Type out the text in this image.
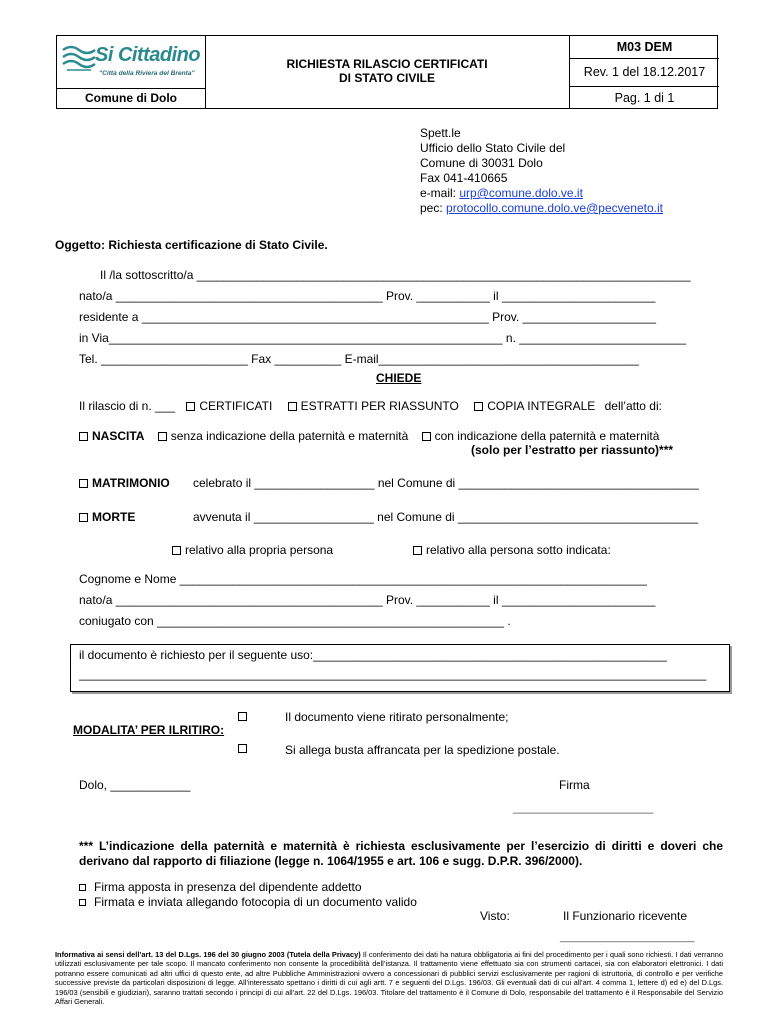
Si Cittadino
"Città della Riviera del Brenta"
Comune di Dolo
RICHIESTA RILASCIO CERTIFICATI
DI STATO CIVILE
M03 DEM
Rev. 1 del 18.12.2017
Pag. 1 di 1
Spett.le
Ufficio dello Stato Civile del
Comune di 30031 Dolo
Fax 041-410665
e-mail: urp@comune.dolo.ve.it
pec: protocollo.comune.dolo.ve@pecveneto.it
Oggetto: Richiesta certificazione di Stato Civile.
Il /la sottoscritto/a __________________________________________________________________________
nato/a ________________________________________ Prov. ___________ il _______________________
residente a ____________________________________________________ Prov. ____________________
in Via___________________________________________________________ n. _________________________
Tel. ______________________ Fax __________ E-mail_______________________________________
CHIEDE
Il rilascio di n. ___ CERTIFICATI ESTRATTI PER RIASSUNTO COPIA INTEGRALE dell’atto di:
NASCITA senza indicazione della paternità e maternità con indicazione della paternità e maternità
(solo per l’estratto per riassunto)***
MATRIMONIO celebrato il __________________ nel Comune di ____________________________________
MORTE	avvenuta il __________________ nel Comune di ____________________________________
relativo alla propria persona	relativo alla persona sotto indicata:
Cognome e Nome ______________________________________________________________________
nato/a ________________________________________ Prov. ___________ il _______________________
coniugato con ____________________________________________________ .
il documento è richiesto per il seguente uso:_____________________________________________________
______________________________________________________________________________________________
MODALITA’ PER ILRITIRO:
Il documento viene ritirato personalmente;
Si allega busta affrancata per la spedizione postale.
Dolo, ____________	Firma
_____________________
*** L’indicazione della paternità e maternità è richiesta esclusivamente per l’esercizio di diritti e doveri che derivano dal rapporto di filiazione (legge n. 1064/1955 e art. 106 e sugg. D.P.R. 396/2000).
Firma apposta in presenza del dipendente addetto
Firmata e inviata allegando fotocopia di un documento valido
Visto:	Il Funzionario ricevente
______________________
Informativa ai sensi dell’art. 13 del D.Lgs. 196 del 30 giugno 2003 (Tutela della Privacy) Il conferimento dei dati ha natura obbligatoria ai fini del procedimento per i quali sono richiesti. I dati verranno utilizzati esclusivamente per tale scopo. Il mancato conferimento non consente la procedibilità dell’istanza. Il trattamento viene effettuato sia con strumenti cartacei, sia con elaboratori elettronici. I dati potranno essere comunicati ad altri uffici di questo ente, ad altre Pubbliche Amministrazioni ovvero a concessionari di pubblici servizi esclusivamente per ragioni di istruttoria, di controllo e per verifiche successive previste da particolari disposizioni di legge. All’interessato spettano i diritti di cui agli artt. 7 e seguenti del D.Lgs. 196/03. Gli eventuali dati di cui all’art. 4 comma 1, lettere d) ed e) del D.Lgs. 196/03 (sensibili e giudiziari), saranno trattati secondo i principi di cui all’art. 22 del D.Lgs. 196/03. Titolare del trattamento è il Comune di Dolo, responsabile del trattamento è il Responsabile del Servizio Affari Generali.
